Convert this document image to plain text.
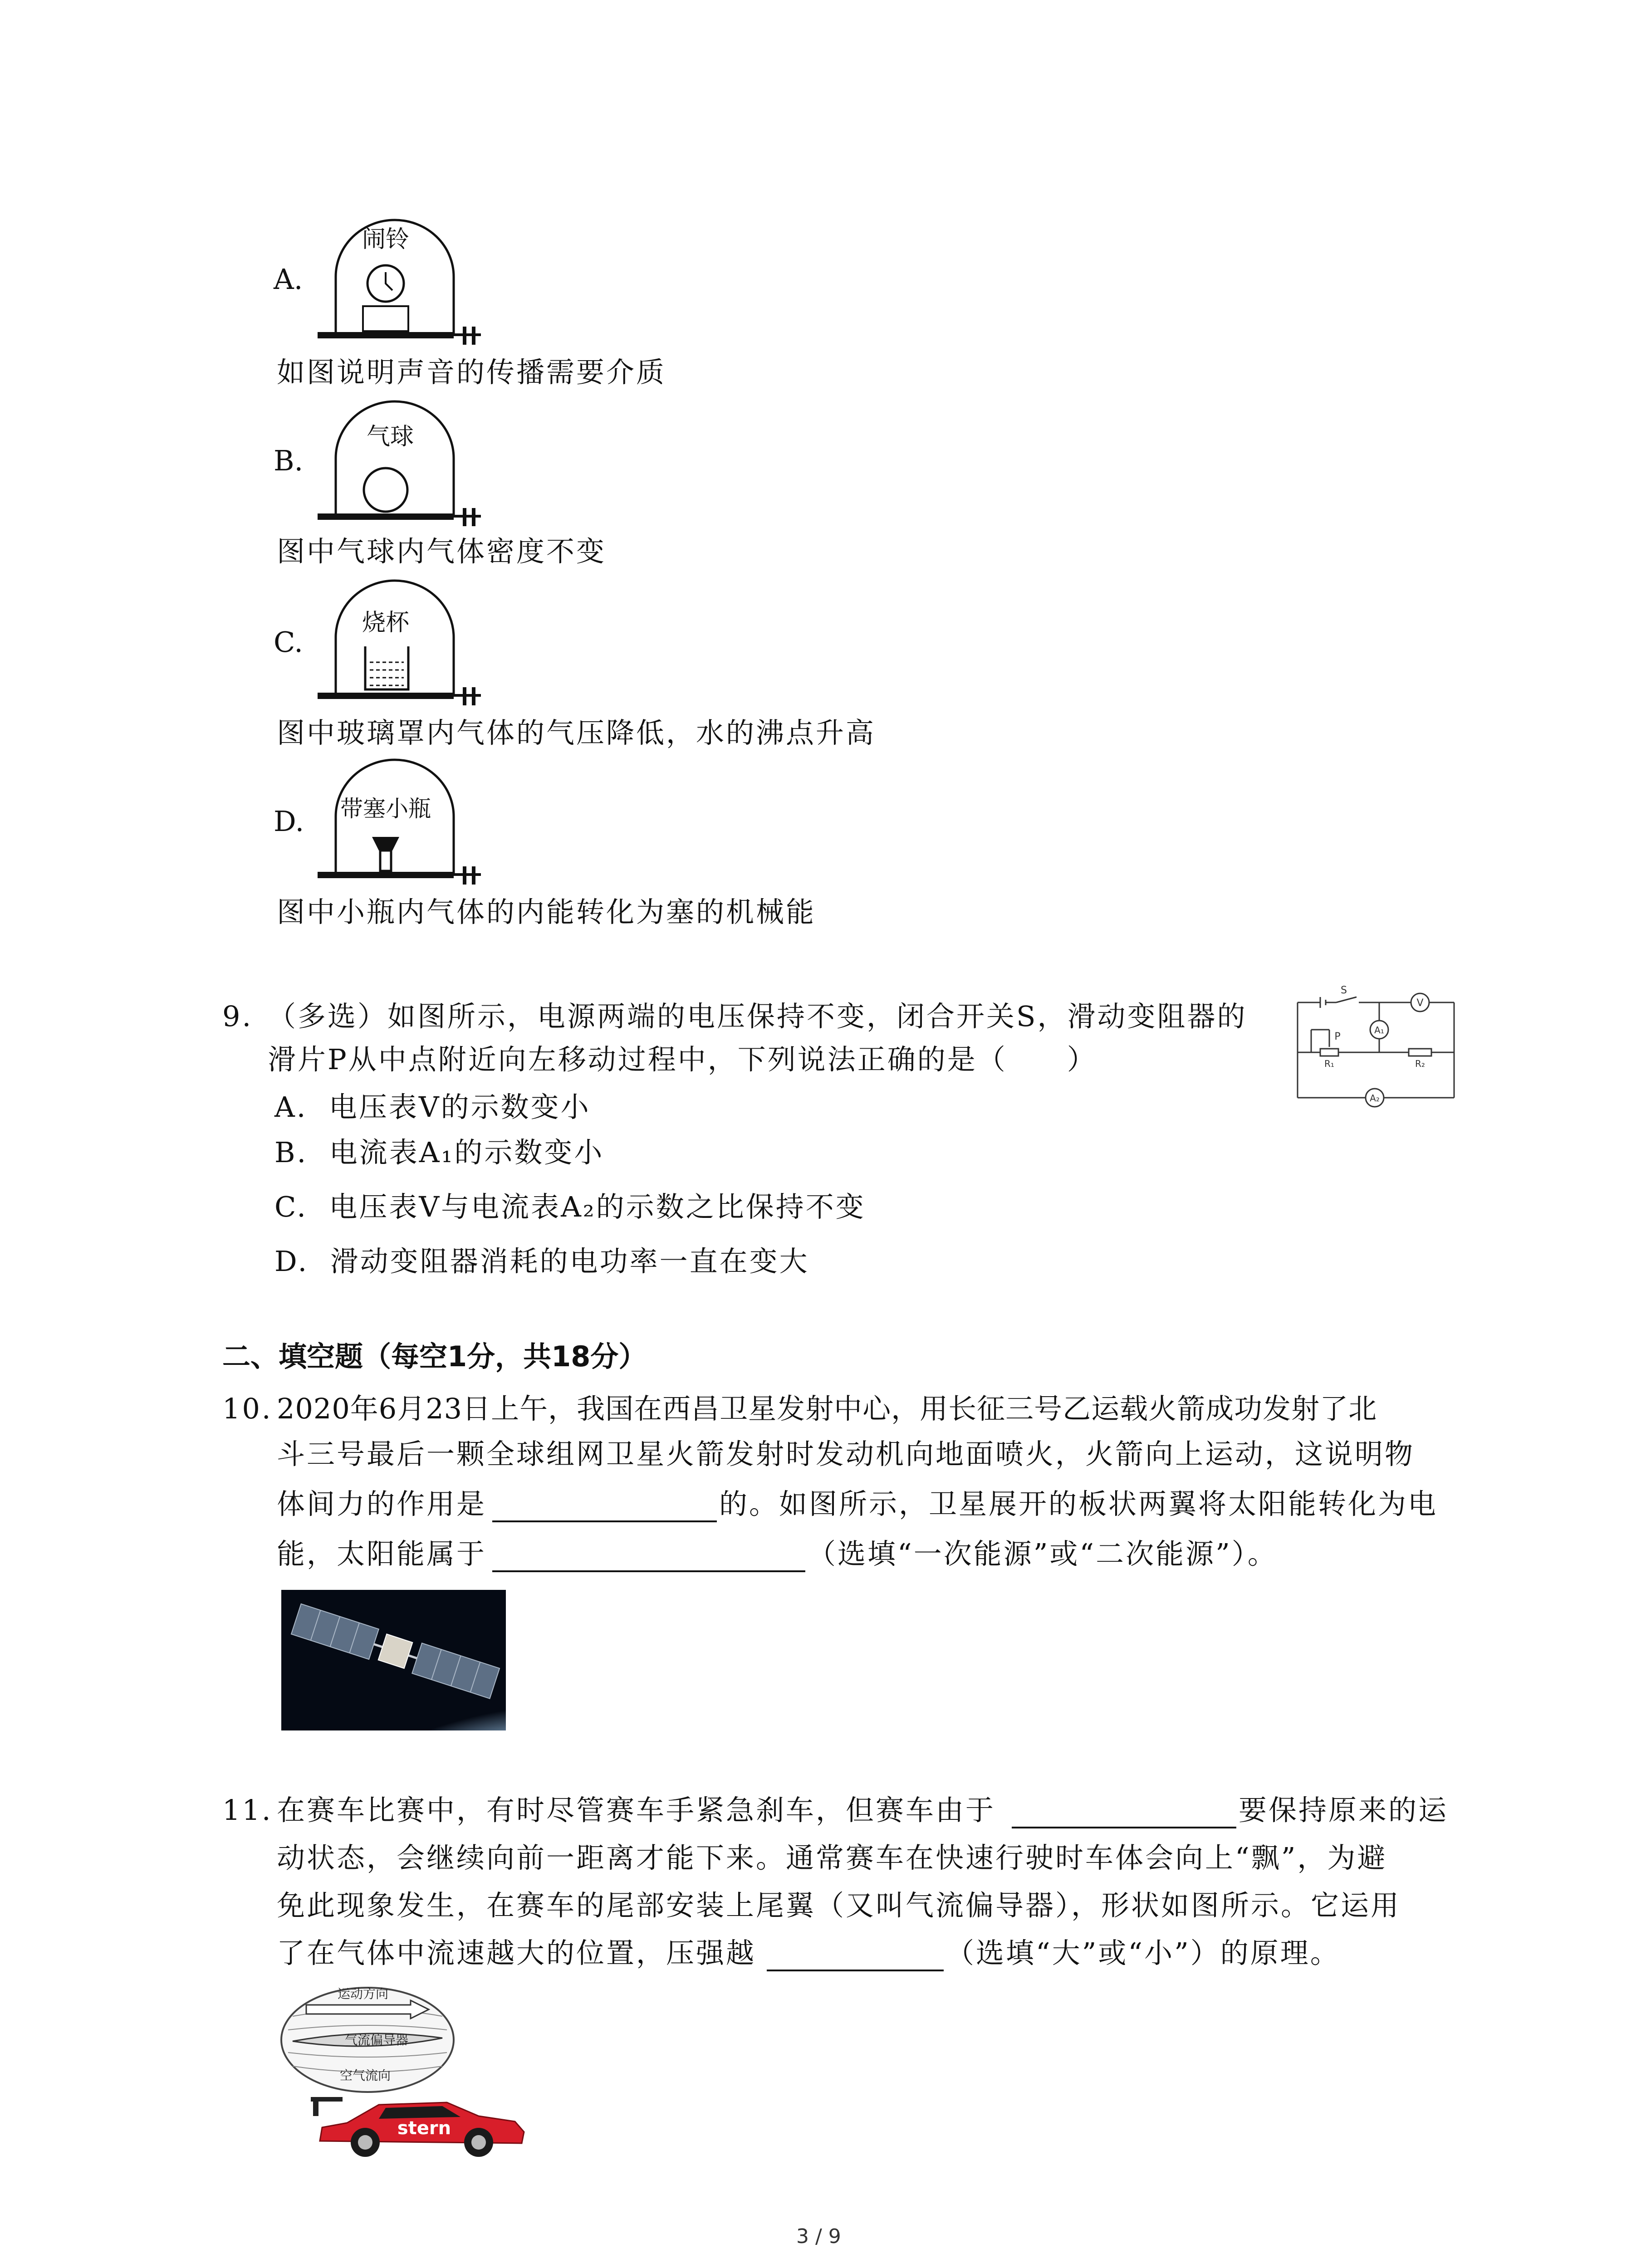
A.
闹铃
如图说明声音的传播需要介质
B.
气球
图中气球内气体密度不变
C.
烧杯
图中玻璃罩内气体的气压降低，水的沸点升高
D. 带塞小瓶
图中小瓶内气体的内能转化为塞的机械能
9. （多选）如图所示，电源两端的电压保持不变，闭合开关S，滑动变阻器的
滑片P从中点附近向左移动过程中，下列说法正确的是（　　）
A. 电压表V的示数变小
B. 电流表A₁的示数变小
C. 电压表V与电流表A₂的示数之比保持不变
D. 滑动变阻器消耗的电功率一直在变大
S
V
A₁
A₂
P
R₁	R₂
二、填空题（每空1分，共18分）
10. 2020年6月23日上午，我国在西昌卫星发射中心，用长征三号乙运载火箭成功发射了北
斗三号最后一颗全球组网卫星火箭发射时发动机向地面喷火，火箭向上运动，这说明物
体间力的作用是	的。如图所示，卫星展开的板状两翼将太阳能转化为电
能，太阳能属于	（选填“一次能源”或“二次能源”）。
11. 在赛车比赛中，有时尽管赛车手紧急刹车，但赛车由于	要保持原来的运
动状态，会继续向前一距离才能下来。通常赛车在快速行驶时车体会向上“飘”，为避
免此现象发生，在赛车的尾部安装上尾翼（又叫气流偏导器），形状如图所示。它运用
了在气体中流速越大的位置，压强越	（选填“大”或“小”）的原理。
运动方向
气流偏导器
空气流向
stern
3 / 9
